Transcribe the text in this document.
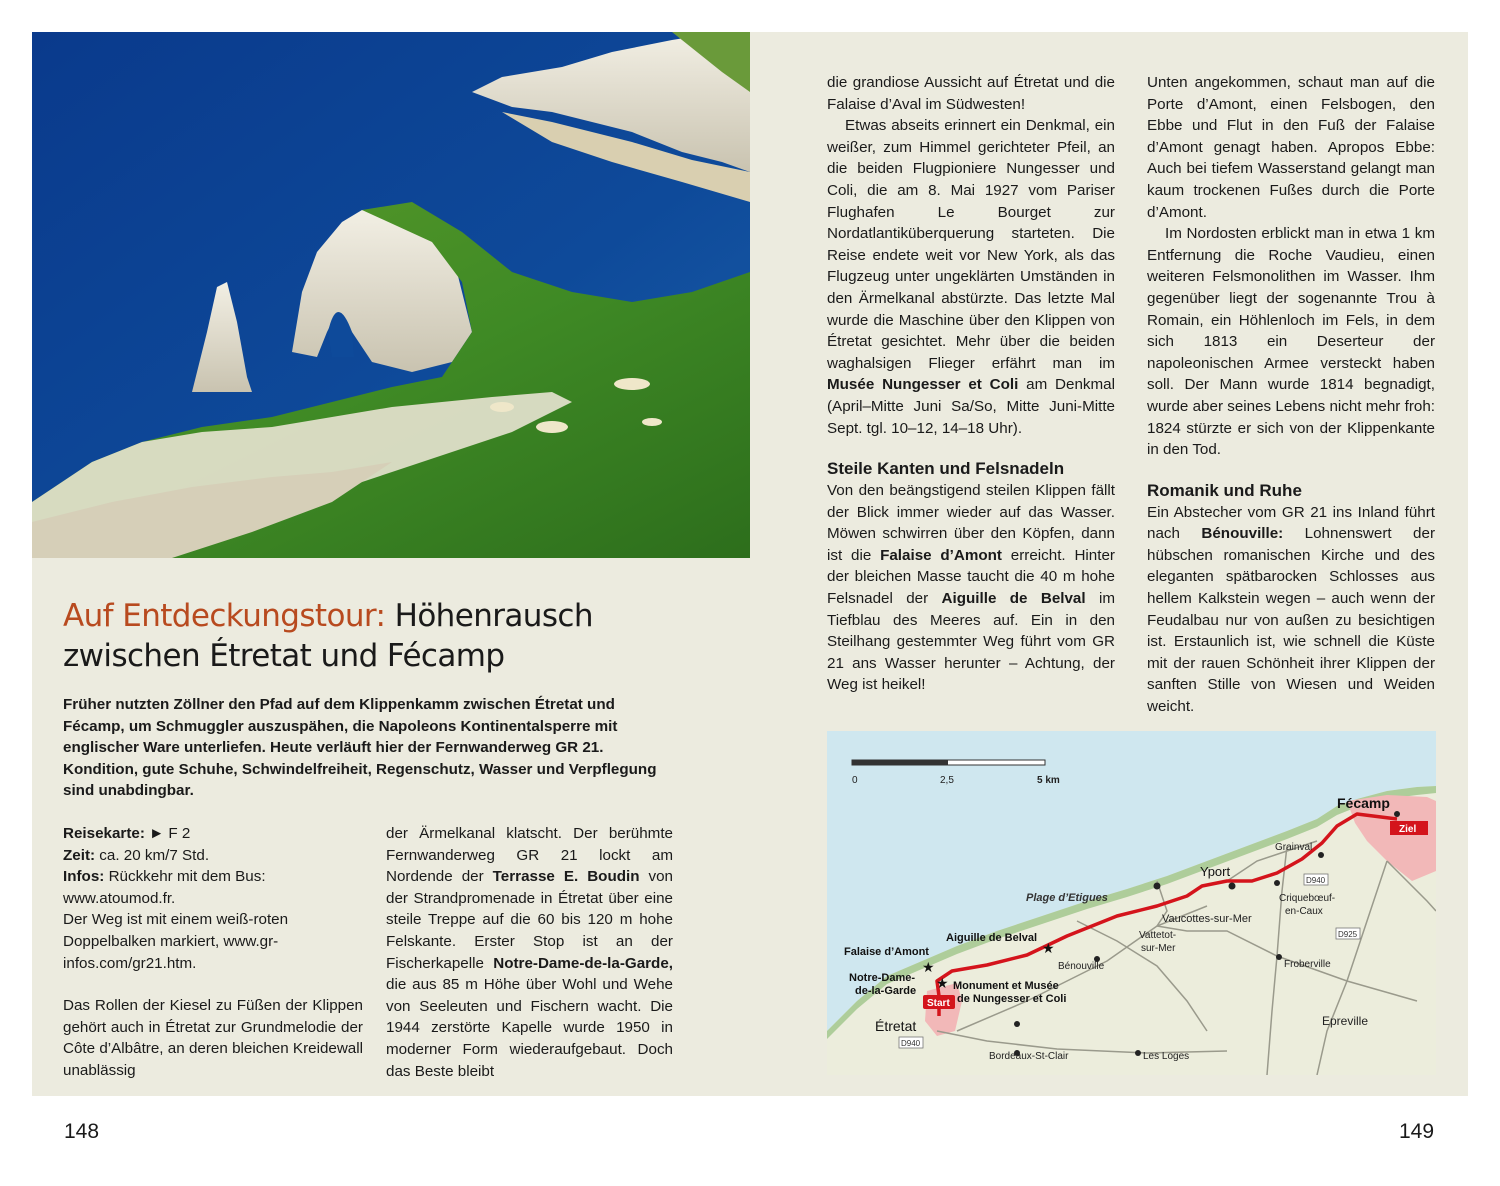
Auf Entdeckungstour: Höhenrausch
zwischen Étretat und Fécamp
Früher nutzten Zöllner den Pfad auf dem Klippenkamm zwischen Étretat und Fécamp, um Schmuggler auszuspähen, die Napoleons Kontinentalsperre mit englischer Ware unterliefen. Heute verläuft hier der Fernwanderweg GR 21. Kondition, gute Schuhe, Schwindelfreiheit, Regenschutz, Wasser und Verpflegung sind unabdingbar.

Reisekarte: ► F 2

Zeit: ca. 20 km/7 Std.

Infos: Rückkehr mit dem Bus: www.atoumod.fr.

Der Weg ist mit einem weiß-roten Doppelbalken markiert, www.gr-infos.com/gr21.htm.

Das Rollen der Kiesel zu Füßen der Klippen gehört auch in Étretat zur Grundmelodie der Côte d’Albâtre, an deren bleichen Kreidewall unablässig

der Ärmelkanal klatscht. Der berühmte Fernwanderweg GR 21 lockt am Nordende der Terrasse E. Boudin von der Strandpromenade in Étretat über eine steile Treppe auf die 60 bis 120 m hohe Felskante. Erster Stop ist an der Fischerkapelle Notre-Dame-de-la-Garde, die aus 85 m Höhe über Wohl und Wehe von Seeleuten und Fischern wacht. Die 1944 zerstörte Kapelle wurde 1950 in moderner Form wiederaufgebaut. Doch das Beste bleibt

die grandiose Aussicht auf Étretat und die Falaise d’Aval im Südwesten!

Etwas abseits erinnert ein Denkmal, ein weißer, zum Himmel gerichteter Pfeil, an die beiden Flugpioniere Nungesser und Coli, die am 8. Mai 1927 vom Pariser Flughafen Le Bourget zur Nordatlantiküberquerung starteten. Die Reise endete weit vor New York, als das Flugzeug unter ungeklärten Umständen in den Ärmelkanal abstürzte. Das letzte Mal wurde die Maschine über den Klippen von Étretat gesichtet. Mehr über die beiden waghalsigen Flieger erfährt man im Musée Nungesser et Coli am Denkmal (April–Mitte Juni Sa/So, Mitte Juni-Mitte Sept. tgl. 10–12, 14–18 Uhr).

Steile Kanten und Felsnadeln

Von den beängstigend steilen Klippen fällt der Blick immer wieder auf das Wasser. Möwen schwirren über den Köpfen, dann ist die Falaise d’Amont erreicht. Hinter der bleichen Masse taucht die 40 m hohe Felsnadel der Aiguille de Belval im Tiefblau des Meeres auf. Ein in den Steilhang gestemmter Weg führt vom GR 21 ans Wasser herunter – Achtung, der Weg ist heikel!

Unten angekommen, schaut man auf die Porte d’Amont, einen Felsbogen, den Ebbe und Flut in den Fuß der Falaise d’Amont genagt haben. Apropos Ebbe: Auch bei tiefem Wasserstand gelangt man kaum trockenen Fußes durch die Porte d’Amont.

Im Nordosten erblickt man in etwa 1 km Entfernung die Roche Vaudieu, einen weiteren Felsmonolithen im Wasser. Ihm gegenüber liegt der sogenannte Trou à Romain, ein Höhlenloch im Fels, in dem sich 1813 ein Deserteur der napoleonischen Armee versteckt haben soll. Der Mann wurde 1814 begnadigt, wurde aber seines Lebens nicht mehr froh: 1824 stürzte er sich von der Klippenkante in den Tod.

Romanik und Ruhe

Ein Abstecher vom GR 21 ins Inland führt nach Bénouville: Lohnenswert der hübschen romanischen Kirche und des eleganten spätbarocken Schlosses aus hellem Kalkstein wegen – auch wenn der Feudalbau nur von außen zu besichtigen ist. Erstaunlich ist, wie schnell die Küste mit der rauen Schönheit ihrer Klippen der sanften Stille von Wiesen und Weiden weicht.

0	2,5	5 km
★
★
★
Fécamp
Ziel
Grainval
Yport
Plage d’Etigues
Vaucottes-sur-Mer
Criquebœuf-
en-Caux
Vattetot-
sur-Mer
Aiguille de Belval
Falaise d’Amont
Bénouville	Froberville
Notre-Dame-
de-la-Garde	Monument et Musée
de Nungesser et Coli
Start
Étretat	Epreville
Bordeaux-St-Clair	Les Loges
D940
D925
D940
148	149
